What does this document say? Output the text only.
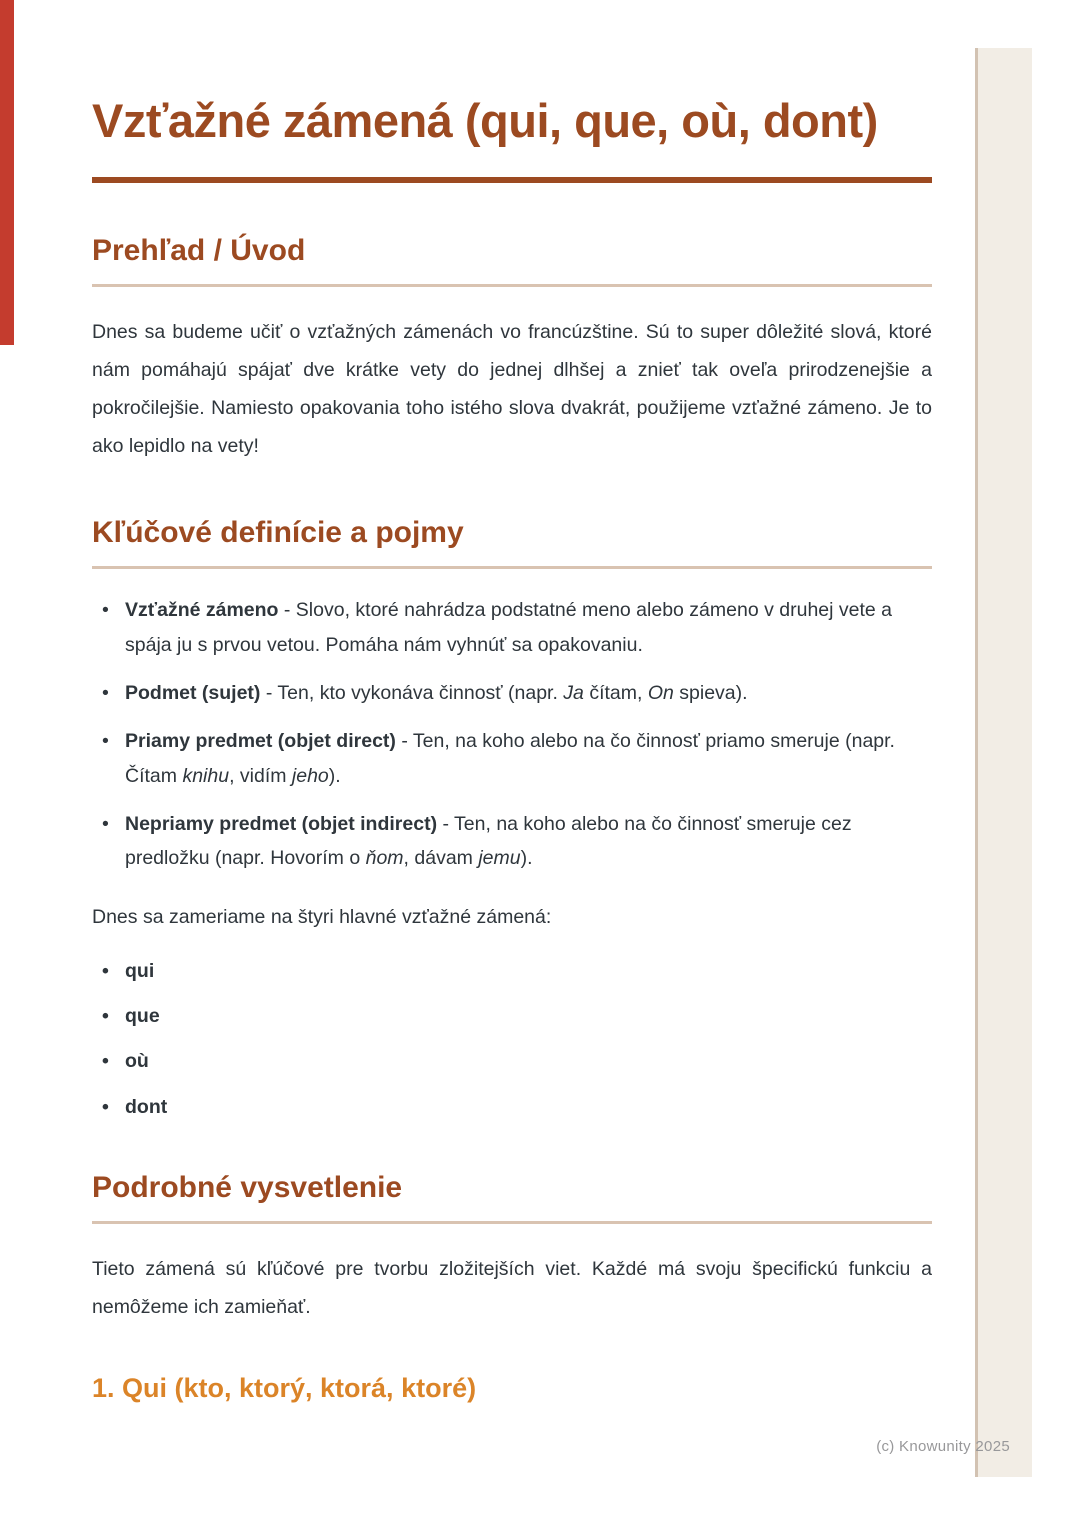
Vzťažné zámená (qui, que, où, dont)
Prehľad / Úvod

Dnes sa budeme učiť o vzťažných zámenách vo francúzštine. Sú to super dôležité slová, ktoré nám pomáhajú spájať dve krátke vety do jednej dlhšej a znieť tak oveľa prirodzenejšie a pokročilejšie. Namiesto opakovania toho istého slova dvakrát, použijeme vzťažné zámeno. Je to ako lepidlo na vety!

Kľúčové definície a pojmy
• Vzťažné zámeno - Slovo, ktoré nahrádza podstatné meno alebo zámeno v druhej vete a spája ju s prvou vetou. Pomáha nám vyhnúť sa opakovaniu.
• Podmet (sujet) - Ten, kto vykonáva činnosť (napr. Ja čítam, On spieva).
• Priamy predmet (objet direct) - Ten, na koho alebo na čo činnosť priamo smeruje (napr. Čítam knihu, vidím jeho).
• Nepriamy predmet (objet indirect) - Ten, na koho alebo na čo činnosť smeruje cez predložku (napr. Hovorím o ňom, dávam jemu).

Dnes sa zameriame na štyri hlavné vzťažné zámená:

• qui
• que
• où
• dont
Podrobné vysvetlenie

Tieto zámená sú kľúčové pre tvorbu zložitejších viet. Každé má svoju špecifickú funkciu a nemôžeme ich zamieňať.

1. Qui (kto, ktorý, ktorá, ktoré)
(c) Knowunity 2025
